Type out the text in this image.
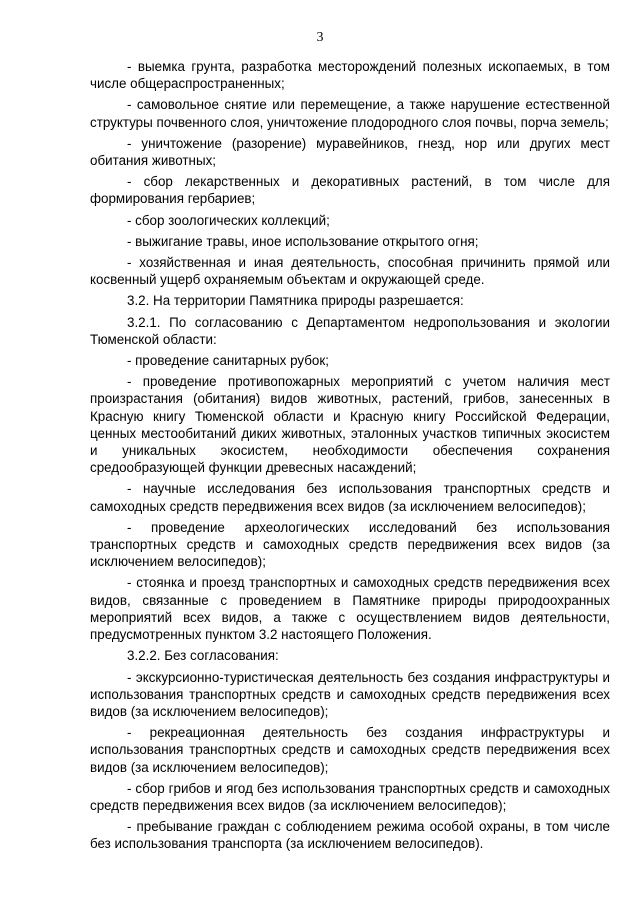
3

- выемка грунта, разработка месторождений полезных ископаемых, в том числе общераспространенных;

- самовольное снятие или перемещение, а также нарушение естественной структуры почвенного слоя, уничтожение плодородного слоя почвы, порча земель;

- уничтожение (разорение) муравейников, гнезд, нор или других мест обитания животных;

- сбор лекарственных и декоративных растений, в том числе для формирования гербариев;

- сбор зоологических коллекций;

- выжигание травы, иное использование открытого огня;

- хозяйственная и иная деятельность, способная причинить прямой или косвенный ущерб охраняемым объектам и окружающей среде.

3.2. На территории Памятника природы разрешается:

3.2.1. По согласованию с Департаментом недропользования и экологии Тюменской области:

- проведение санитарных рубок;

- проведение противопожарных мероприятий с учетом наличия мест произрастания (обитания) видов животных, растений, грибов, занесенных в Красную книгу Тюменской области и Красную книгу Российской Федерации, ценных местообитаний диких животных, эталонных участков типичных экосистем и уникальных экосистем, необходимости обеспечения сохранения средообразующей функции древесных насаждений;

- научные исследования без использования транспортных средств и самоходных средств передвижения всех видов (за исключением велосипедов);

- проведение археологических исследований без использования транспортных средств и самоходных средств передвижения всех видов (за исключением велосипедов);

- стоянка и проезд транспортных и самоходных средств передвижения всех видов, связанные с проведением в Памятнике природы природоохранных мероприятий всех видов, а также с осуществлением видов деятельности, предусмотренных пунктом 3.2 настоящего Положения.

3.2.2. Без согласования:

- экскурсионно-туристическая деятельность без создания инфраструктуры и использования транспортных средств и самоходных средств передвижения всех видов (за исключением велосипедов);

- рекреационная деятельность без создания инфраструктуры и использования транспортных средств и самоходных средств передвижения всех видов (за исключением велосипедов);

- сбор грибов и ягод без использования транспортных средств и самоходных средств передвижения всех видов (за исключением велосипедов);

- пребывание граждан с соблюдением режима особой охраны, в том числе без использования транспорта (за исключением велосипедов).
